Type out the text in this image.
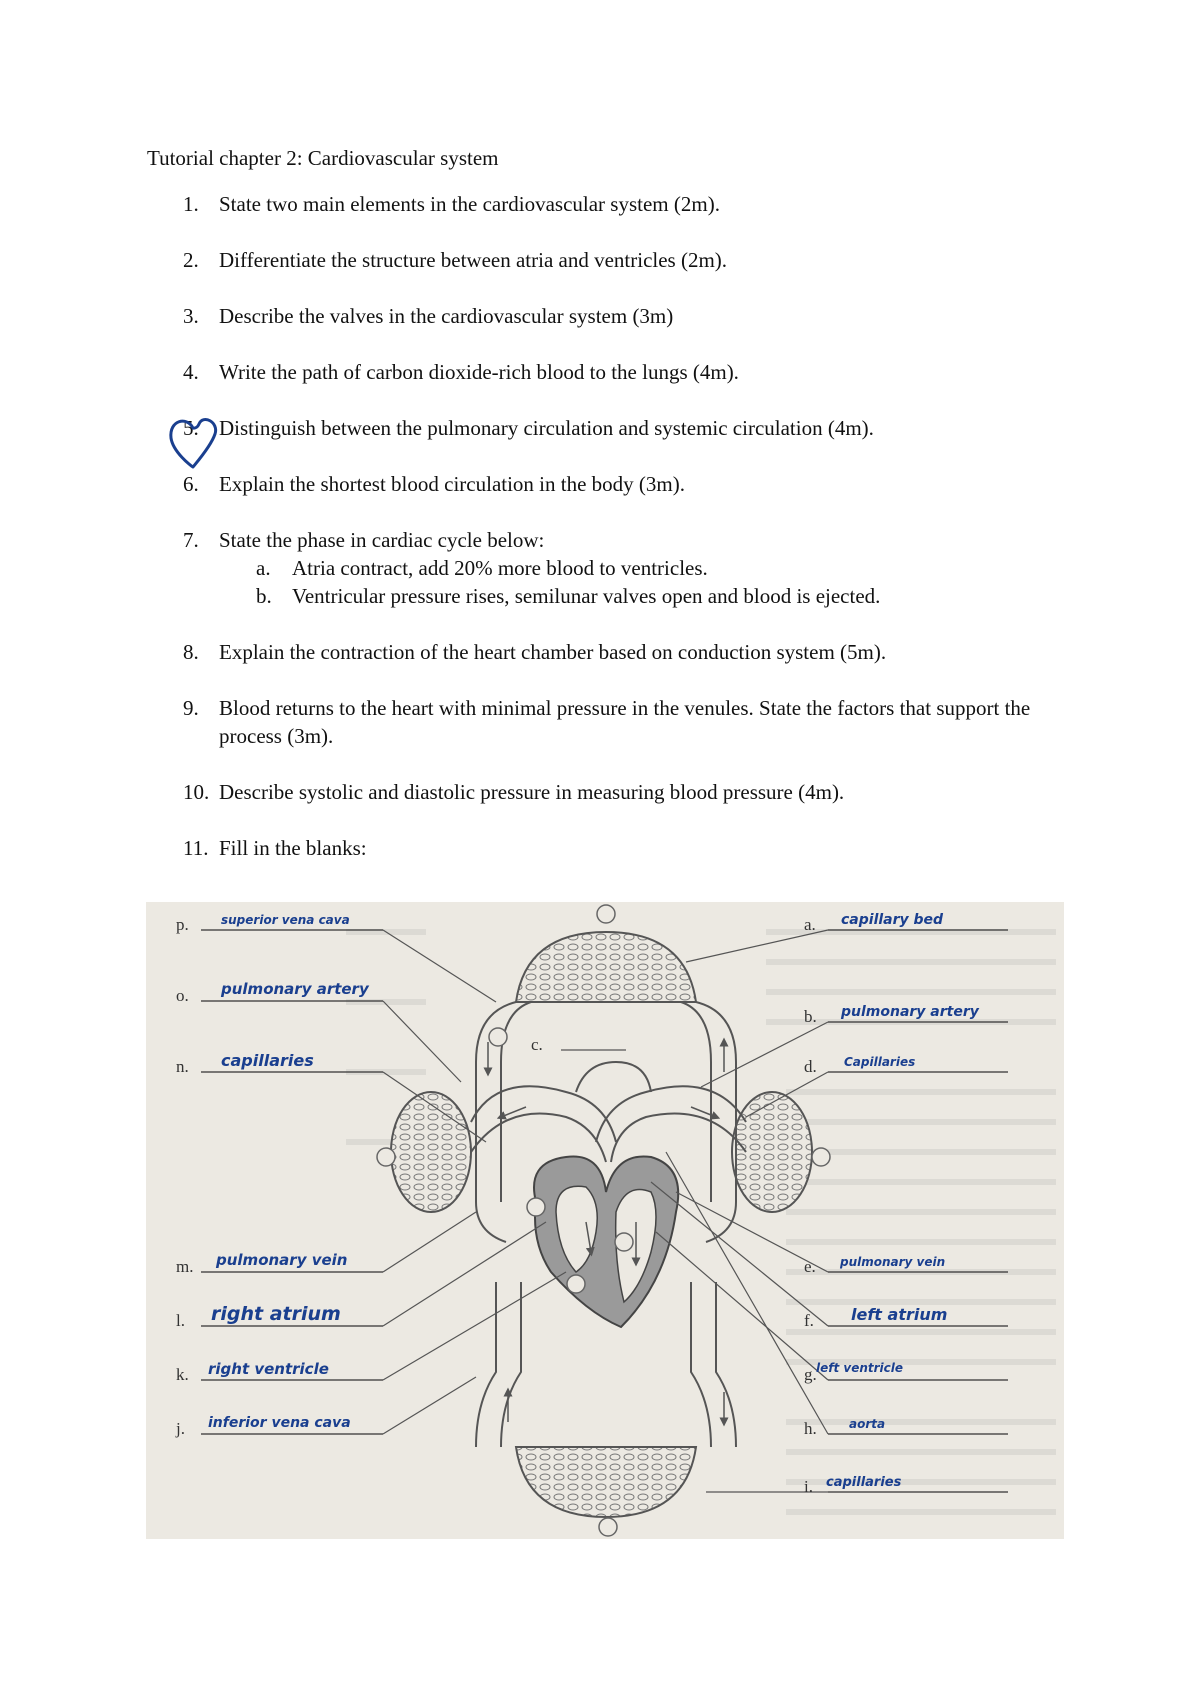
Tutorial chapter 2: Cardiovascular system
1. State two main elements in the cardiovascular system (2m).
2. Differentiate the structure between atria and ventricles (2m).
3. Describe the valves in the cardiovascular system (3m)
4. Write the path of carbon dioxide-rich blood to the lungs (4m).
5. Distinguish between the pulmonary circulation and systemic circulation (4m).
6. Explain the shortest blood circulation in the body (3m).
7. State the phase in cardiac cycle below:
a. Atria contract, add 20% more blood to ventricles.
b. Ventricular pressure rises, semilunar valves open and blood is ejected.
8. Explain the contraction of the heart chamber based on conduction system (5m).
9. Blood returns to the heart with minimal pressure in the venules. State the factors that support the process (3m).
10. Describe systolic and diastolic pressure in measuring blood pressure (4m).
11. Fill in the blanks:
p.
o.
n.
m.
l.
k.
j.
a.
b.
c.
d.
e.
f.
g.
h.
i.
superior vena cava
pulmonary artery
capillaries
pulmonary vein
right atrium
right ventricle
inferior vena cava
capillary bed
pulmonary artery
Capillaries
pulmonary vein
left atrium
left ventricle
aorta
capillaries
